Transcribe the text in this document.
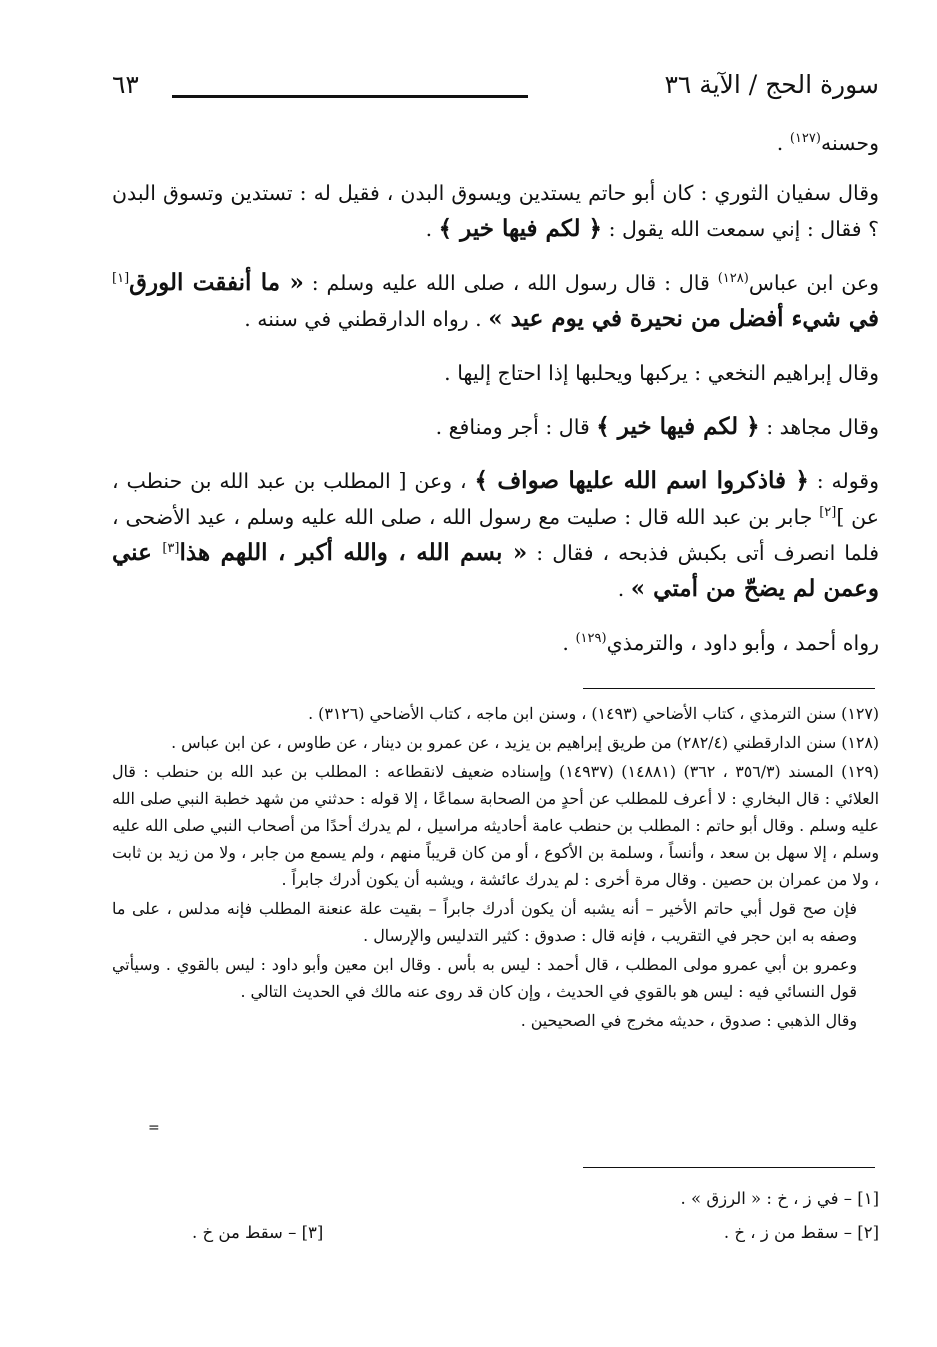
سورة الحج / الآية ٣٦
٦٣

وحسنه$^{(١٢٧)}$ .

وقال سفيان الثوري : كان أبو حاتم يستدين ويسوق البدن ، فقيل له : تستدين وتسوق البدن ؟ فقال : إني سمعت الله يقول : ﴿ لكم فيها خير ﴾ .

وعن ابن عباس$^{(١٢٨)}$ قال : قال رسول الله ، صلى الله عليه وسلم : « ما أنفقت الورق[١] في شيء أفضل من نحيرة في يوم عيد » . رواه الدارقطني في سننه .

وقال إبراهيم النخعي : يركبها ويحلبها إذا احتاج إليها .

وقال مجاهد : ﴿ لكم فيها خير ﴾ قال : أجر ومنافع .

وقوله : ﴿ فاذكروا اسم الله عليها صواف ﴾ ، وعن [ المطلب بن عبد الله بن حنطب ، عن ][٢] جابر بن عبد الله قال : صليت مع رسول الله ، صلى الله عليه وسلم ، عيد الأضحى ، فلما انصرف أتى بكبش فذبحه ، فقال : « بسم الله ، والله أكبر ، اللهم هذا[٣] عني وعمن لم يضحّ من أمتي » .

رواه أحمد ، وأبو داود ، والترمذي$^{(١٢٩)}$ .

(١٢٧) سنن الترمذي ، كتاب الأضاحي (١٤٩٣) ، وسنن ابن ماجه ، كتاب الأضاحي (٣١٢٦) .

(١٢٨) سنن الدارقطني (٢٨٢/٤) من طريق إبراهيم بن يزيد ، عن عمرو بن دينار ، عن طاوس ، عن ابن عباس .

(١٢٩) المسند (٣٥٦/٣ ، ٣٦٢) (١٤٨٨١) (١٤٩٣٧) وإسناده ضعيف لانقطاعه : المطلب بن عبد الله بن حنطب : قال العلائي : قال البخاري : لا أعرف للمطلب عن أحدٍ من الصحابة سماعًا ، إلا قوله : حدثني من شهد خطبة النبي صلى الله عليه وسلم . وقال أبو حاتم : المطلب بن حنطب عامة أحاديثه مراسيل ، لم يدرك أحدًا من أصحاب النبي صلى الله عليه وسلم ، إلا سهل بن سعد ، وأنساً ، وسلمة بن الأكوع ، أو من كان قريباً منهم ، ولم يسمع من جابر ، ولا من زيد بن ثابت ، ولا من عمران بن حصين . وقال مرة أخرى : لم يدرك عائشة ، ويشبه أن يكون أدرك جابراً .

فإن صح قول أبي حاتم الأخير – أنه يشبه أن يكون أدرك جابراً – بقيت علة عنعنة المطلب فإنه مدلس ، على ما وصفه به ابن حجر في التقريب ، فإنه قال : صدوق : كثير التدليس والإرسال .

وعمرو بن أبي عمرو مولى المطلب ، قال أحمد : ليس به بأس . وقال ابن معين وأبو داود : ليس بالقوي . وسيأتي قول النسائي فيه : ليس هو بالقوي في الحديث ، وإن كان قد روى عنه مالك في الحديث التالي .

وقال الذهبي : صدوق ، حديثه مخرج في الصحيحين .

=
[١] – في ز ، خ : « الرزق » .
[٢] – سقط من ز ، خ .
[٣] – سقط من خ .
